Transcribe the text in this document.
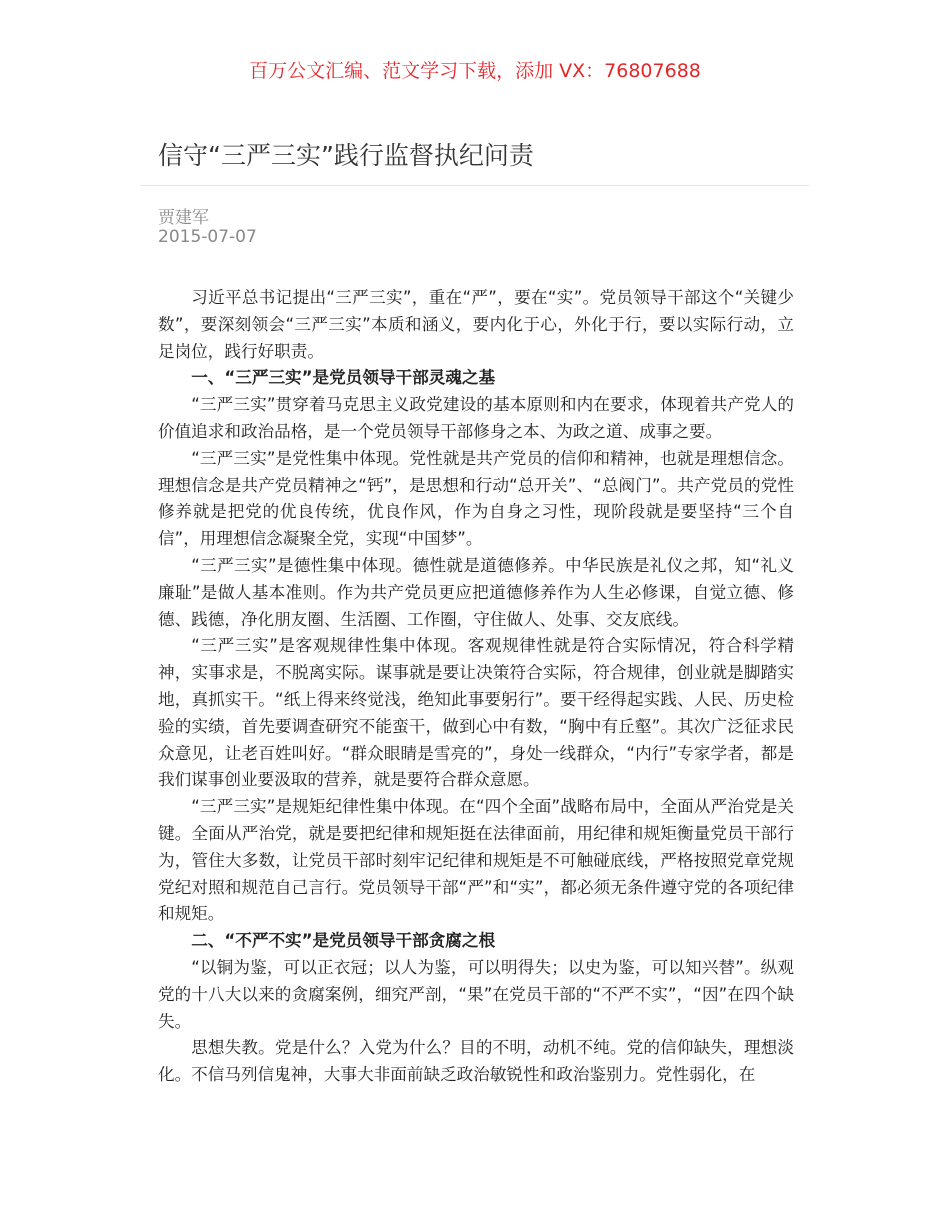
百万公文汇编、范文学习下载，添加 VX：76807688
信守“三严三实”践行监督执纪问责
贾建军
2015-07-07

习近平总书记提出“三严三实”，重在“严”，要在“实”。党员领导干部这个“关键少数”，要深刻领会“三严三实”本质和涵义，要内化于心，外化于行，要以实际行动，立足岗位，践行好职责。

一、“三严三实”是党员领导干部灵魂之基

“三严三实”贯穿着马克思主义政党建设的基本原则和内在要求，体现着共产党人的价值追求和政治品格，是一个党员领导干部修身之本、为政之道、成事之要。

“三严三实”是党性集中体现。党性就是共产党员的信仰和精神，也就是理想信念。理想信念是共产党员精神之“钙”，是思想和行动“总开关”、“总阀门”。共产党员的党性修养就是把党的优良传统，优良作风，作为自身之习性，现阶段就是要坚持“三个自信”，用理想信念凝聚全党，实现“中国梦”。

“三严三实”是德性集中体现。德性就是道德修养。中华民族是礼仪之邦，知“礼义廉耻”是做人基本准则。作为共产党员更应把道德修养作为人生必修课，自觉立德、修德、践德，净化朋友圈、生活圈、工作圈，守住做人、处事、交友底线。

“三严三实”是客观规律性集中体现。客观规律性就是符合实际情况，符合科学精神，实事求是，不脱离实际。谋事就是要让决策符合实际，符合规律，创业就是脚踏实地，真抓实干。“纸上得来终觉浅，绝知此事要躬行”。要干经得起实践、人民、历史检验的实绩，首先要调查研究不能蛮干，做到心中有数，“胸中有丘壑”。其次广泛征求民众意见，让老百姓叫好。“群众眼睛是雪亮的”，身处一线群众，“内行”专家学者，都是我们谋事创业要汲取的营养，就是要符合群众意愿。

“三严三实”是规矩纪律性集中体现。在“四个全面”战略布局中，全面从严治党是关键。全面从严治党，就是要把纪律和规矩挺在法律面前，用纪律和规矩衡量党员干部行为，管住大多数，让党员干部时刻牢记纪律和规矩是不可触碰底线，严格按照党章党规党纪对照和规范自己言行。党员领导干部“严”和“实”，都必须无条件遵守党的各项纪律和规矩。

二、“不严不实”是党员领导干部贪腐之根

“以铜为鉴，可以正衣冠；以人为鉴，可以明得失；以史为鉴，可以知兴替”。纵观党的十八大以来的贪腐案例，细究严剖，“果”在党员干部的“不严不实”，“因”在四个缺失。

思想失教。党是什么？入党为什么？目的不明，动机不纯。党的信仰缺失，理想淡化。不信马列信鬼神，大事大非面前缺乏政治敏锐性和政治鉴别力。党性弱化，在
